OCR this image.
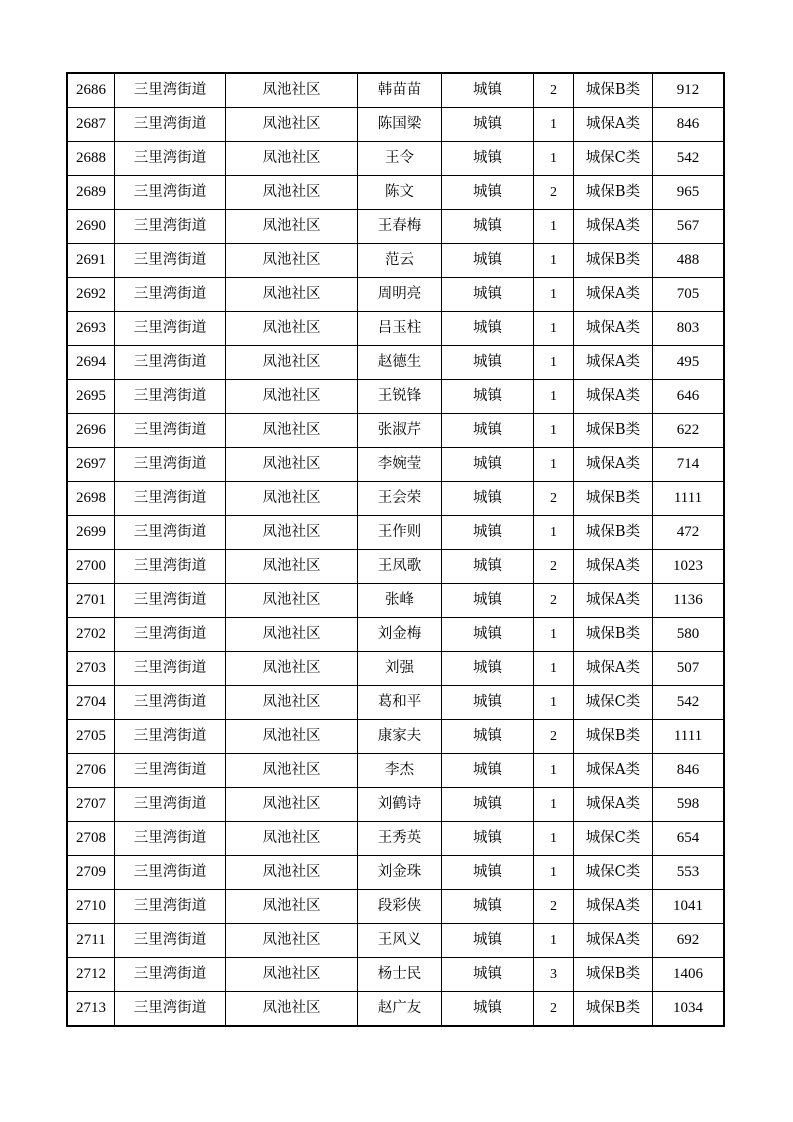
2686	三里湾街道	凤池社区	韩苗苗	城镇	2	城保B类	912
2687	三里湾街道	凤池社区	陈国梁	城镇	1	城保A类	846
2688	三里湾街道	凤池社区	王令	城镇	1	城保C类	542
2689	三里湾街道	凤池社区	陈文	城镇	2	城保B类	965
2690	三里湾街道	凤池社区	王春梅	城镇	1	城保A类	567
2691	三里湾街道	凤池社区	范云	城镇	1	城保B类	488
2692	三里湾街道	凤池社区	周明亮	城镇	1	城保A类	705
2693	三里湾街道	凤池社区	吕玉柱	城镇	1	城保A类	803
2694	三里湾街道	凤池社区	赵德生	城镇	1	城保A类	495
2695	三里湾街道	凤池社区	王锐锋	城镇	1	城保A类	646
2696	三里湾街道	凤池社区	张淑芹	城镇	1	城保B类	622
2697	三里湾街道	凤池社区	李婉莹	城镇	1	城保A类	714
2698	三里湾街道	凤池社区	王会荣	城镇	2	城保B类	1111
2699	三里湾街道	凤池社区	王作则	城镇	1	城保B类	472
2700	三里湾街道	凤池社区	王凤歌	城镇	2	城保A类	1023
2701	三里湾街道	凤池社区	张峰	城镇	2	城保A类	1136
2702	三里湾街道	凤池社区	刘金梅	城镇	1	城保B类	580
2703	三里湾街道	凤池社区	刘强	城镇	1	城保A类	507
2704	三里湾街道	凤池社区	葛和平	城镇	1	城保C类	542
2705	三里湾街道	凤池社区	康家夫	城镇	2	城保B类	1111
2706	三里湾街道	凤池社区	李杰	城镇	1	城保A类	846
2707	三里湾街道	凤池社区	刘鹤诗	城镇	1	城保A类	598
2708	三里湾街道	凤池社区	王秀英	城镇	1	城保C类	654
2709	三里湾街道	凤池社区	刘金珠	城镇	1	城保C类	553
2710	三里湾街道	凤池社区	段彩侠	城镇	2	城保A类	1041
2711	三里湾街道	凤池社区	王风义	城镇	1	城保A类	692
2712	三里湾街道	凤池社区	杨士民	城镇	3	城保B类	1406
2713	三里湾街道	凤池社区	赵广友	城镇	2	城保B类	1034
